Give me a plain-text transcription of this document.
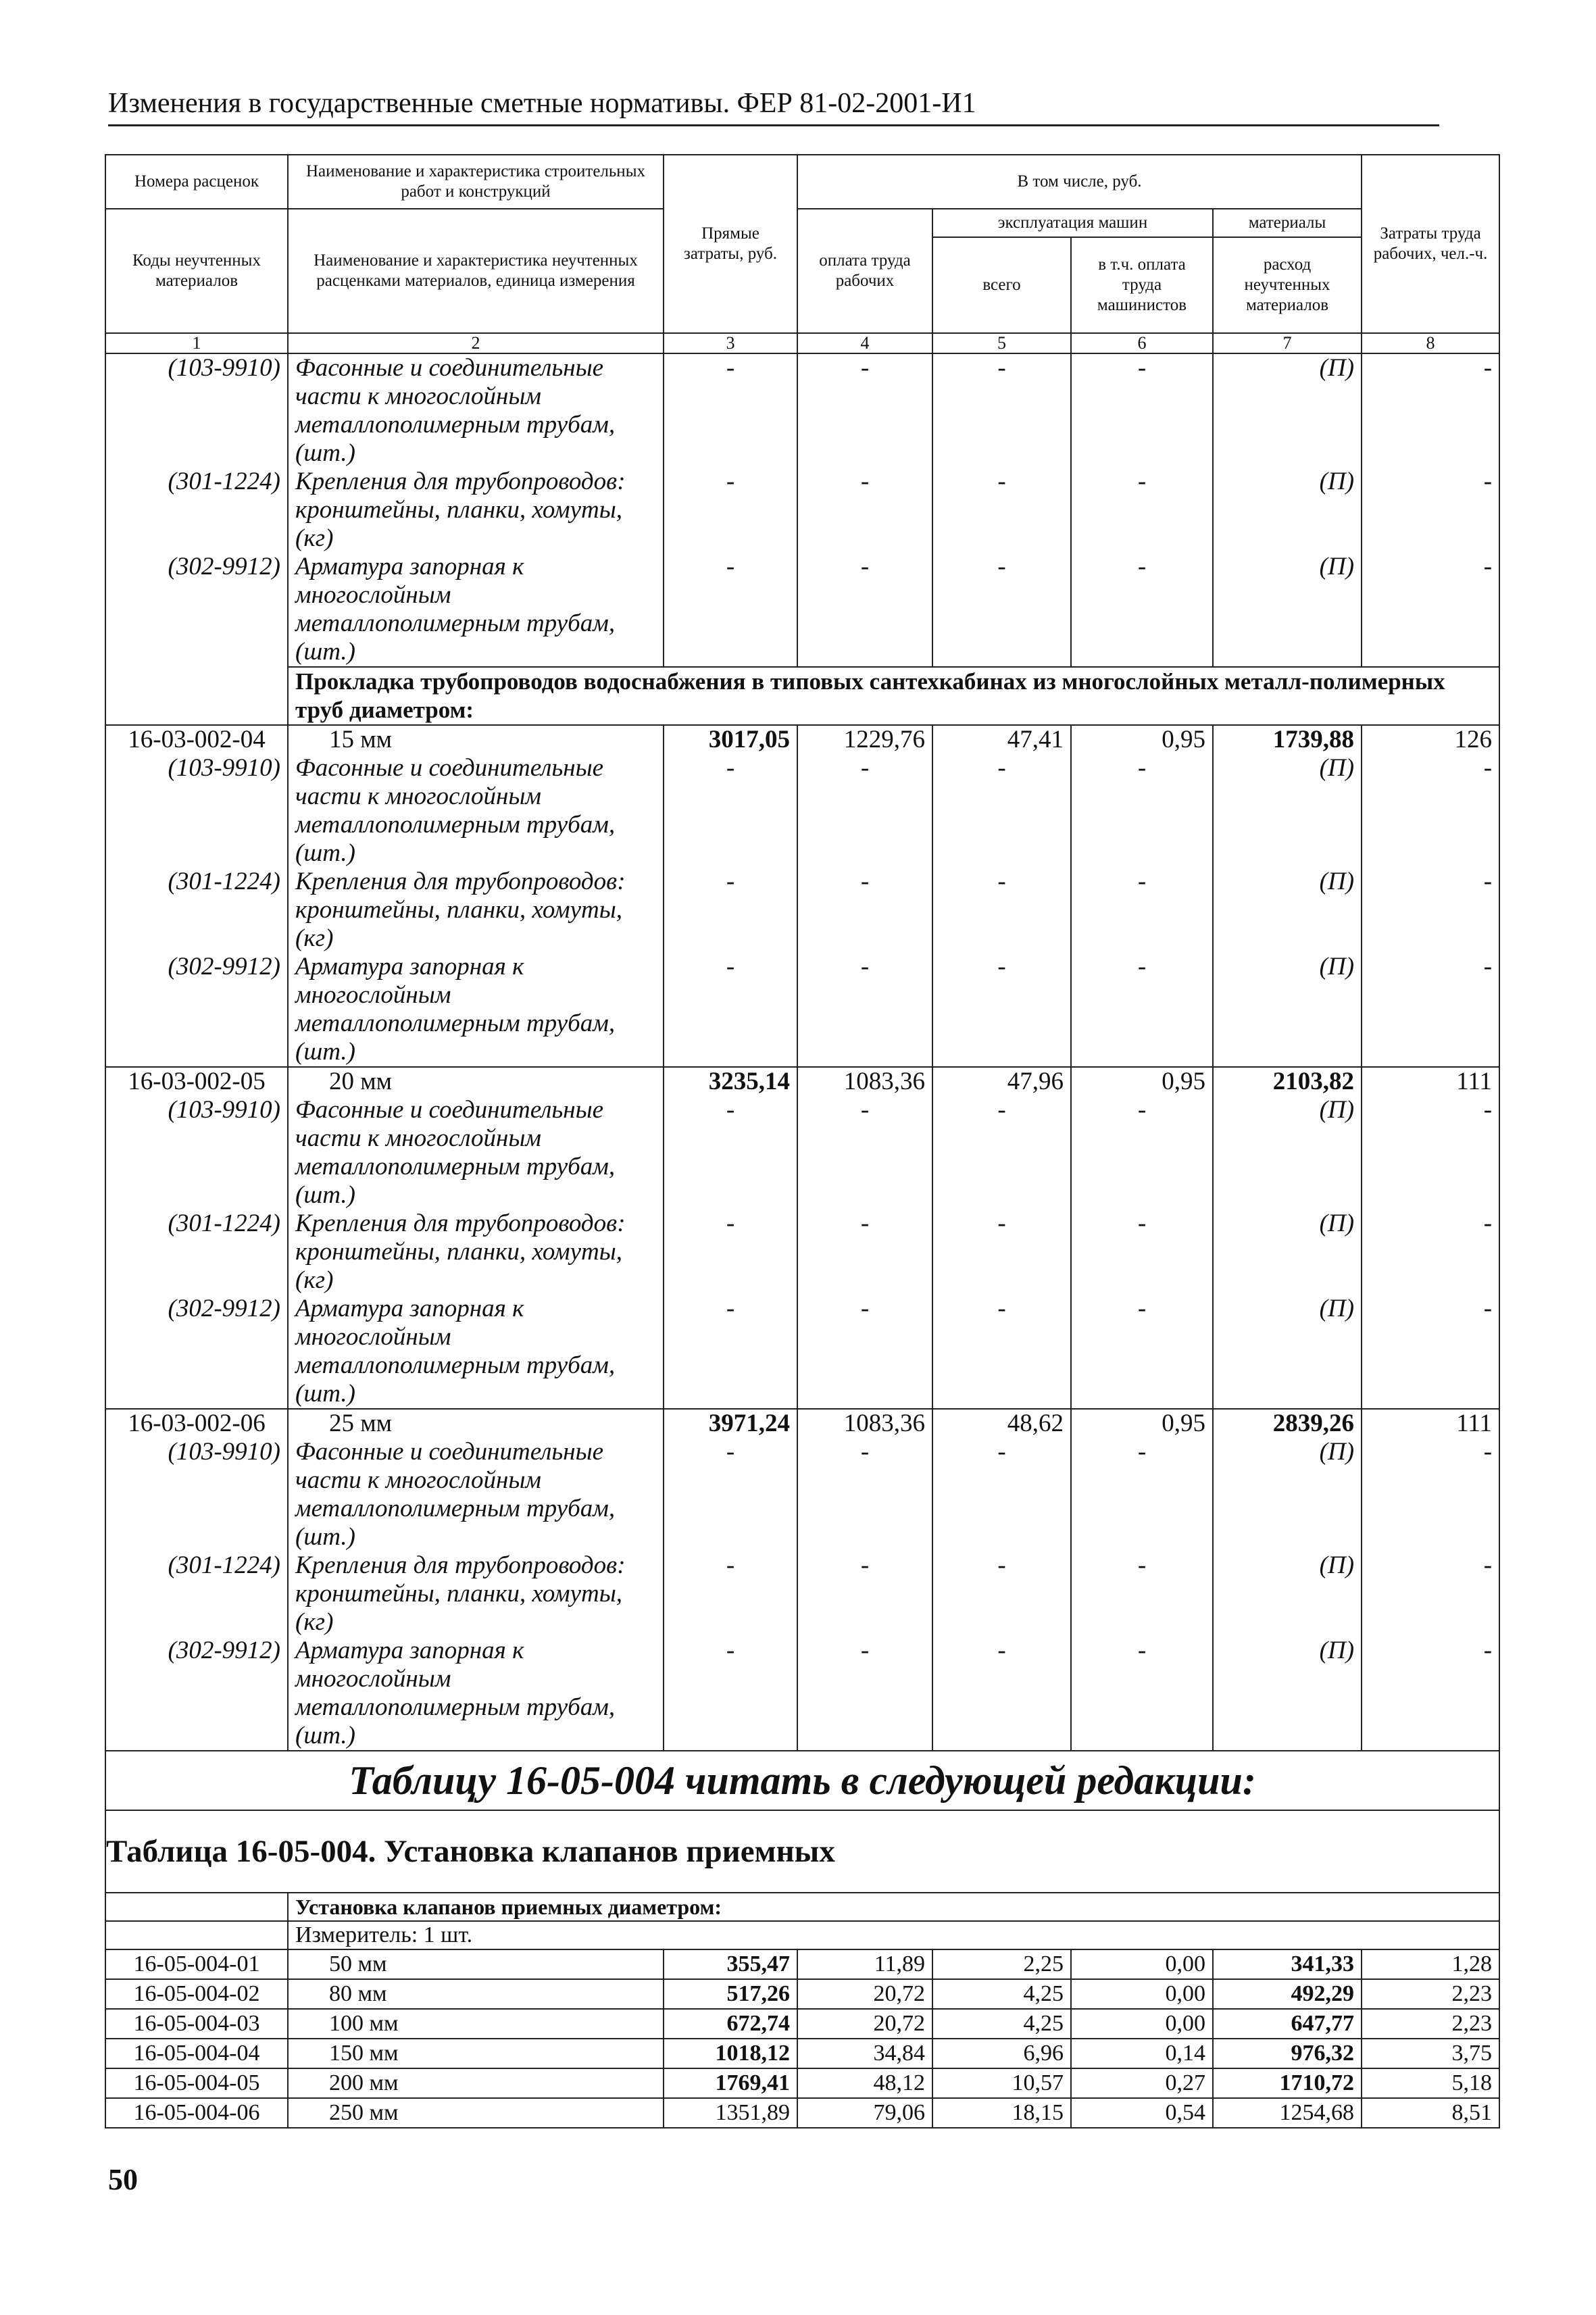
Изменения в государственные сметные нормативы. ФЕР 81-02-2001-И1
Номера расценок	Наименование и характеристика строительных работ и конструкций	Прямые затраты, руб.	В том числе, руб.				Затраты труда рабочих, чел.-ч.
Коды неучтенных материалов	Наименование и характеристика неучтенных расценками материалов, единица измерения		оплата труда рабочих	эксплуатация машин		материалы	
				всего	в т.ч. оплата труда машинистов	расход неучтенных материалов	
1	2	3	4	5	6	7	8
(103-9910)	Фасонные и соединительные части к многослойным металлополимерным трубам, (шт.)	-	-	-	-	(П)	-
(301-1224)	Крепления для трубопроводов: кронштейны, планки, хомуты, (кг)	-	-	-	-	(П)	-
(302-9912)	Арматура запорная к многослойным металлополимерным трубам, (шт.)	-	-	-	-	(П)	-
	Прокладка трубопроводов водоснабжения в типовых сантехкабинах из многослойных металл-полимерных труб диаметром:						
16-03-002-04	15 мм	3017,05	1229,76	47,41	0,95	1739,88	126
(103-9910)	Фасонные и соединительные части к многослойным металлополимерным трубам, (шт.)	-	-	-	-	(П)	-
(301-1224)	Крепления для трубопроводов: кронштейны, планки, хомуты, (кг)	-	-	-	-	(П)	-
(302-9912)	Арматура запорная к многослойным металлополимерным трубам, (шт.)	-	-	-	-	(П)	-
16-03-002-05	20 мм	3235,14	1083,36	47,96	0,95	2103,82	111
(103-9910)	Фасонные и соединительные части к многослойным металлополимерным трубам, (шт.)	-	-	-	-	(П)	-
(301-1224)	Крепления для трубопроводов: кронштейны, планки, хомуты, (кг)	-	-	-	-	(П)	-
(302-9912)	Арматура запорная к многослойным металлополимерным трубам, (шт.)	-	-	-	-	(П)	-
16-03-002-06	25 мм	3971,24	1083,36	48,62	0,95	2839,26	111
(103-9910)	Фасонные и соединительные части к многослойным металлополимерным трубам, (шт.)	-	-	-	-	(П)	-
(301-1224)	Крепления для трубопроводов: кронштейны, планки, хомуты, (кг)	-	-	-	-	(П)	-
(302-9912)	Арматура запорная к многослойным металлополимерным трубам, (шт.)	-	-	-	-	(П)	-
Таблицу 16-05-004 читать в следующей редакции:							
Таблица 16-05-004. Установка клапанов приемных							
	Установка клапанов приемных диаметром:						
	Измеритель: 1 шт.						
16-05-004-01	50 мм	355,47	11,89	2,25	0,00	341,33	1,28
16-05-004-02	80 мм	517,26	20,72	4,25	0,00	492,29	2,23
16-05-004-03	100 мм	672,74	20,72	4,25	0,00	647,77	2,23
16-05-004-04	150 мм	1018,12	34,84	6,96	0,14	976,32	3,75
16-05-004-05	200 мм	1769,41	48,12	10,57	0,27	1710,72	5,18
16-05-004-06	250 мм	1351,89	79,06	18,15	0,54	1254,68	8,51
50
